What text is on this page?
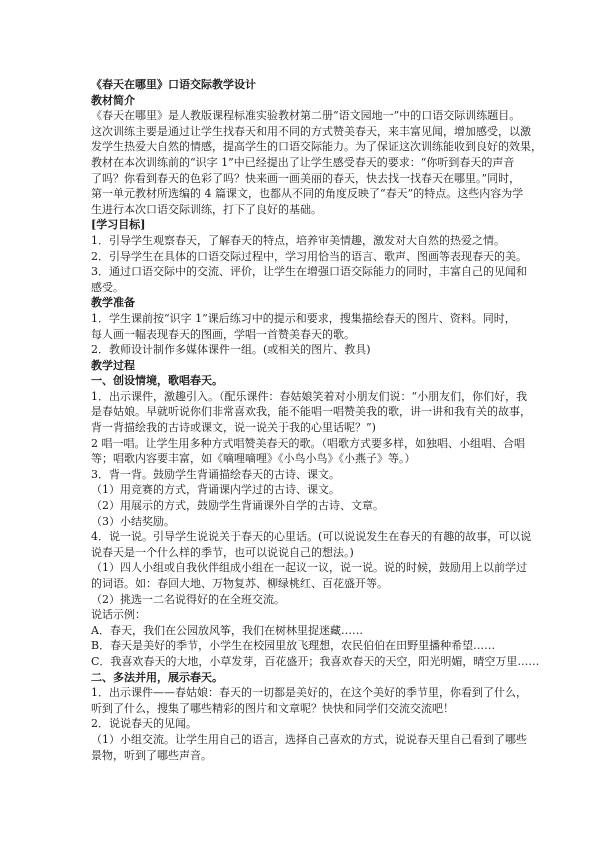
《春天在哪里》口语交际教学设计

教材简介

《春天在哪里》是人教版课程标准实验教材第二册“语文园地一”中的口语交际训练题目。

这次训练主要是通过让学生找春天和用不同的方式赞美春天，来丰富见闻，增加感受，以激

发学生热爱大自然的情感，提高学生的口语交际能力。为了保证这次训练能收到良好的效果，

教材在本次训练前的“识字 1”中已经提出了让学生感受春天的要求：“你听到春天的声音

了吗？你看到春天的色彩了吗？快来画一画美丽的春天，快去找一找春天在哪里。”同时，

第一单元教材所选编的 4 篇课文，也都从不同的角度反映了“春天”的特点。这些内容为学

生进行本次口语交际训练，打下了良好的基础。

[学习目标]

1．引导学生观察春天，了解春天的特点，培养审美情趣，激发对大自然的热爱之情。

2．引导学生在具体的口语交际过程中，学习用恰当的语言、歌声、图画等表现春天的美。

3．通过口语交际中的交流、评价，让学生在增强口语交际能力的同时，丰富自己的见闻和

感受。

教学准备

1．学生课前按“识字 1”课后练习中的提示和要求，搜集描绘春天的图片、资料。同时，

每人画一幅表现春天的图画，学唱一首赞美春天的歌。

2．教师设计制作多媒体课件一组。(或相关的图片、教具)

教学过程

一、创设情境，歌唱春天。

1．出示课件，激趣引入。（配乐课件：春姑娘笑着对小朋友们说：“小朋友们，你们好，我

是春姑娘。早就听说你们非常喜欢我，能不能唱一唱赞美我的歌，讲一讲和我有关的故事，

背一背描绘我的古诗或课文，说一说关于我的心里话呢？”)

2 唱一唱。让学生用多种方式唱赞美春天的歌。（唱歌方式要多样，如独唱、小组唱、合唱

等；唱歌内容要丰富，如《嘀哩嘀哩》《小鸟小鸟》《小燕子》等。）

3．背一背。鼓励学生背诵描绘春天的古诗、课文。

（1）用竞赛的方式，背诵课内学过的古诗、课文。

（2）用展示的方式，鼓励学生背诵课外自学的古诗、文章。

（3）小结奖励。

4．说一说。引导学生说说关于春天的心里话。(可以说说发生在春天的有趣的故事，可以说

说春天是一个什么样的季节，也可以说说自己的想法。)

（1）四人小组或自我伙伴组成小组在一起议一议，说一说。说的时候，鼓励用上以前学过

的词语。如：春回大地、万物复苏、柳绿桃红、百花盛开等。

（2）挑选一二名说得好的在全班交流。

说话示例：

A．春天，我们在公园放风筝，我们在树林里捉迷藏……

B．春天是美好的季节，小学生在校园里放飞理想，农民伯伯在田野里播种希望……

C．我喜欢春天的大地，小草发芽，百花盛开；我喜欢春天的天空，阳光明媚，晴空万里……

二、多法并用，展示春天。

1．出示课件——春姑娘：春天的一切都是美好的，在这个美好的季节里，你看到了什么，

听到了什么，搜集了哪些精彩的图片和文章呢？快快和同学们交流交流吧！

2．说说春天的见闻。

（1）小组交流。让学生用自己的语言，选择自己喜欢的方式，说说春天里自己看到了哪些

景物，听到了哪些声音。
